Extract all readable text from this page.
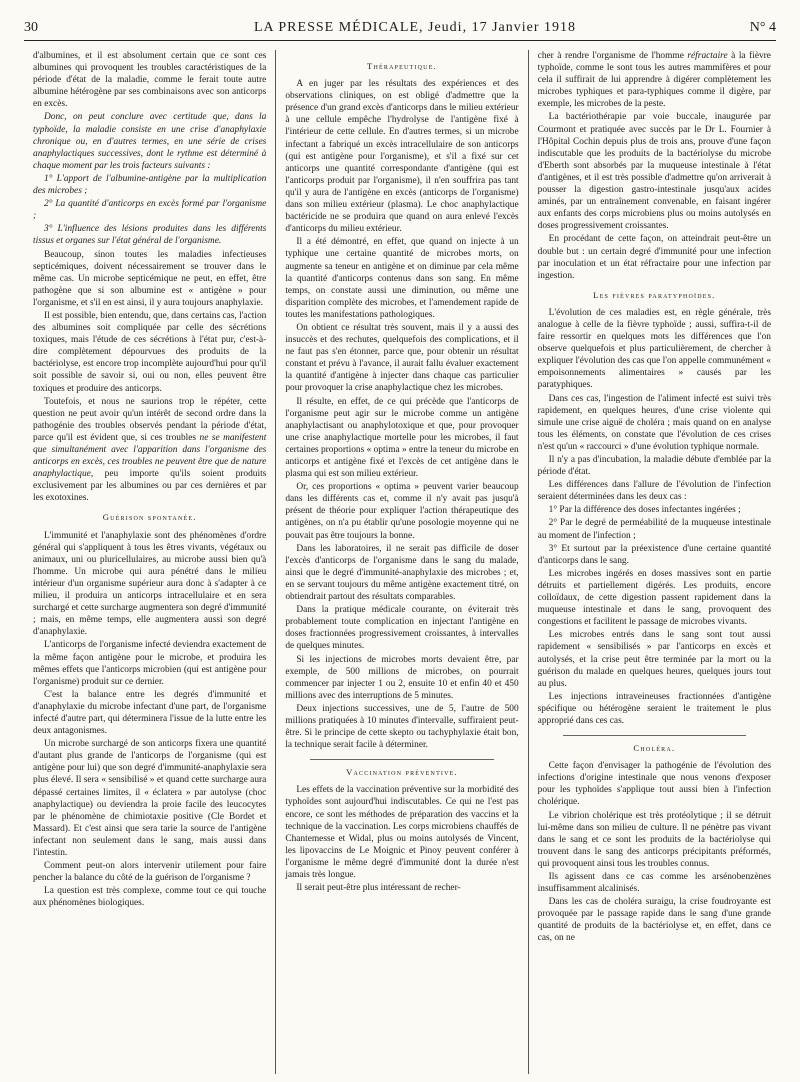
30	LA PRESSE MÉDICALE, Jeudi, 17 Janvier 1918	N° 4

d'albumines, et il est absolument certain que ce sont ces albumines qui provoquent les troubles caractéristiques de la période d'état de la maladie, comme le ferait toute autre albumine hétérogène par ses combinaisons avec son anticorps en excès.

Donc, on peut conclure avec certitude que, dans la typhoïde, la maladie consiste en une crise d'anaphylaxie chronique ou, en d'autres termes, en une série de crises anaphylactiques successives, dont le rythme est déterminé à chaque moment par les trois facteurs suivants :

1° L'apport de l'albumine-antigène par la multiplication des microbes ;

2° La quantité d'anticorps en excès formé par l'organisme ;

3° L'influence des lésions produites dans les différents tissus et organes sur l'état général de l'organisme.

Beaucoup, sinon toutes les maladies infectieuses septicémiques, doivent nécessairement se trouver dans le même cas. Un microbe septicémique ne peut, en effet, être pathogène que si son albumine est « antigène » pour l'organisme, et s'il en est ainsi, il y aura toujours anaphylaxie.

Il est possible, bien entendu, que, dans certains cas, l'action des albumines soit compliquée par celle des sécrétions toxiques, mais l'étude de ces sécrétions à l'état pur, c'est-à-dire complètement dépourvues des produits de la bactériolyse, est encore trop incomplète aujourd'hui pour qu'il soit possible de savoir si, oui ou non, elles peuvent être toxiques et produire des anticorps.

Toutefois, et nous ne saurions trop le répéter, cette question ne peut avoir qu'un intérêt de second ordre dans la pathogénie des troubles observés pendant la période d'état, parce qu'il est évident que, si ces troubles ne se manifestent que simultanément avec l'apparition dans l'organisme des anticorps en excès, ces troubles ne peuvent être que de nature anaphylactique, peu importe qu'ils soient produits exclusivement par les albumines ou par ces dernières et par les exotoxines.

Guérison spontanée.

L'immunité et l'anaphylaxie sont des phénomènes d'ordre général qui s'appliquent à tous les êtres vivants, végétaux ou animaux, uni ou pluricellulaires, au microbe aussi bien qu'à l'homme. Un microbe qui aura pénétré dans le milieu intérieur d'un organisme supérieur aura donc à s'adapter à ce milieu, il produira un anticorps intracellulaire et en sera surchargé et cette surcharge augmentera son degré d'immunité ; mais, en même temps, elle augmentera aussi son degré d'anaphylaxie.

L'anticorps de l'organisme infecté deviendra exactement de la même façon antigène pour le microbe, et produira les mêmes effets que l'anticorps microbien (qui est antigène pour l'organisme) produit sur ce dernier.

C'est la balance entre les degrés d'immunité et d'anaphylaxie du microbe infectant d'une part, de l'organisme infecté d'autre part, qui déterminera l'issue de la lutte entre les deux antagonismes.

Un microbe surchargé de son anticorps fixera une quantité d'autant plus grande de l'anticorps de l'organisme (qui est antigène pour lui) que son degré d'immunité-anaphylaxie sera plus élevé. Il sera « sensibilisé » et quand cette surcharge aura dépassé certaines limites, il « éclatera » par autolyse (choc anaphylactique) ou deviendra la proie facile des leucocytes par le phénomène de chimiotaxie positive (Cle Bordet et Massard). Et c'est ainsi que sera tarie la source de l'antigène infectant non seulement dans le sang, mais aussi dans l'intestin.

Comment peut-on alors intervenir utilement pour faire pencher la balance du côté de la guérison de l'organisme ?

La question est très complexe, comme tout ce qui touche aux phénomènes biologiques.

Thérapeutique.

A en juger par les résultats des expériences et des observations cliniques, on est obligé d'admettre que la présence d'un grand excès d'anticorps dans le milieu extérieur à une cellule empêche l'hydrolyse de l'antigène fixé à l'intérieur de cette cellule. En d'autres termes, si un microbe infectant a fabriqué un excès intracellulaire de son anticorps (qui est antigène pour l'organisme), et s'il a fixé sur cet anticorps une quantité correspondante d'antigène (qui est l'anticorps produit par l'organisme), il n'en souffrira pas tant qu'il y aura de l'antigène en excès (anticorps de l'organisme) dans son milieu extérieur (plasma). Le choc anaphylactique bactéricide ne se produira que quand on aura enlevé l'excès d'anticorps du milieu extérieur.

Il a été démontré, en effet, que quand on injecte à un typhique une certaine quantité de microbes morts, on augmente sa teneur en antigène et on diminue par cela même la quantité d'anticorps contenus dans son sang. En même temps, on constate aussi une diminution, ou même une disparition complète des microbes, et l'amendement rapide de toutes les manifestations pathologiques.

On obtient ce résultat très souvent, mais il y a aussi des insuccès et des rechutes, quelquefois des complications, et il ne faut pas s'en étonner, parce que, pour obtenir un résultat constant et prévu à l'avance, il aurait fallu évaluer exactement la quantité d'antigène à injecter dans chaque cas particulier pour provoquer la crise anaphylactique chez les microbes.

Il résulte, en effet, de ce qui précède que l'anticorps de l'organisme peut agir sur le microbe comme un antigène anaphylactisant ou anaphylotoxique et que, pour provoquer une crise anaphylactique mortelle pour les microbes, il faut certaines proportions « optima » entre la teneur du microbe en anticorps et antigène fixé et l'excès de cet antigène dans le plasma qui est son milieu extérieur.

Or, ces proportions « optima » peuvent varier beaucoup dans les différents cas et, comme il n'y avait pas jusqu'à présent de théorie pour expliquer l'action thérapeutique des antigènes, on n'a pu établir qu'une posologie moyenne qui ne pouvait pas être toujours la bonne.

Dans les laboratoires, il ne serait pas difficile de doser l'excès d'anticorps de l'organisme dans le sang du malade, ainsi que le degré d'immunité-anaphylaxie des microbes ; et, en se servant toujours du même antigène exactement titré, on obtiendrait partout des résultats comparables.

Dans la pratique médicale courante, on éviterait très probablement toute complication en injectant l'antigène en doses fractionnées progressivement croissantes, à intervalles de quelques minutes.

Si les injections de microbes morts devaient être, par exemple, de 500 millions de microbes, on pourrait commencer par injecter 1 ou 2, ensuite 10 et enfin 40 et 450 millions avec des interruptions de 5 minutes.

Deux injections successives, une de 5, l'autre de 500 millions pratiquées à 10 minutes d'intervalle, suffiraient peut-être. Si le principe de cette skepto ou tachyphylaxie était bon, la technique serait facile à déterminer.

Vaccination préventive.

Les effets de la vaccination préventive sur la morbidité des typhoïdes sont aujourd'hui indiscutables. Ce qui ne l'est pas encore, ce sont les méthodes de préparation des vaccins et la technique de la vaccination. Les corps microbiens chauffés de Chantemesse et Widal, plus ou moins autolysés de Vincent, les lipovaccins de Le Moignic et Pinoy peuvent conférer à l'organisme le même degré d'immunité dont la durée n'est jamais très longue.

Il serait peut-être plus intéressant de recher-

cher à rendre l'organisme de l'homme réfractaire à la fièvre typhoïde, comme le sont tous les autres mammifères et pour cela il suffirait de lui apprendre à digérer complètement les microbes typhiques et para-typhiques comme il digère, par exemple, les microbes de la peste.

La bactériothérapie par voie buccale, inaugurée par Courmont et pratiquée avec succès par le Dr L. Fournier à l'Hôpital Cochin depuis plus de trois ans, prouve d'une façon indiscutable que les produits de la bactériolyse du microbe d'Eberth sont absorbés par la muqueuse intestinale à l'état d'antigènes, et il est très possible d'admettre qu'on arriverait à pousser la digestion gastro-intestinale jusqu'aux acides aminés, par un entraînement convenable, en faisant ingérer aux enfants des corps microbiens plus ou moins autolysés en doses progressivement croissantes.

En procédant de cette façon, on atteindrait peut-être un double but : un certain degré d'immunité pour une infection par inoculation et un état réfractaire pour une infection par ingestion.

Les fièvres paratyphoïdes.

L'évolution de ces maladies est, en règle générale, très analogue à celle de la fièvre typhoïde ; aussi, suffira-t-il de faire ressortir en quelques mots les différences que l'on observe quelquefois et plus particulièrement, de chercher à expliquer l'évolution des cas que l'on appelle communément « empoisonnements alimentaires » causés par les paratyphiques.

Dans ces cas, l'ingestion de l'aliment infecté est suivi très rapidement, en quelques heures, d'une crise violente qui simule une crise aiguë de choléra ; mais quand on en analyse tous les éléments, on constate que l'évolution de ces crises n'est qu'un « raccourci » d'une évolution typhique normale.

Il n'y a pas d'incubation, la maladie débute d'emblée par la période d'état.

Les différences dans l'allure de l'évolution de l'infection seraient déterminées dans les deux cas :

1° Par la différence des doses infectantes ingérées ;

2° Par le degré de perméabilité de la muqueuse intestinale au moment de l'infection ;

3° Et surtout par la préexistence d'une certaine quantité d'anticorps dans le sang.

Les microbes ingérés en doses massives sont en partie détruits et partiellement digérés. Les produits, encore colloïdaux, de cette digestion passent rapidement dans la muqueuse intestinale et dans le sang, provoquent des congestions et facilitent le passage de microbes vivants.

Les microbes entrés dans le sang sont tout aussi rapidement « sensibilisés » par l'anticorps en excès et autolysés, et la crise peut être terminée par la mort ou la guérison du malade en quelques heures, quelques jours tout au plus.

Les injections intraveineuses fractionnées d'antigène spécifique ou hétérogène seraient le traitement le plus approprié dans ces cas.

Choléra.

Cette façon d'envisager la pathogénie de l'évolution des infections d'origine intestinale que nous venons d'exposer pour les typhoïdes s'applique tout aussi bien à l'infection cholérique.

Le vibrion cholérique est très protéolytique ; il se détruit lui-même dans son milieu de culture. Il ne pénètre pas vivant dans le sang et ce sont les produits de la bactériolyse qui trouvent dans le sang des anticorps précipitants préformés, qui provoquent ainsi tous les troubles connus.

Ils agissent dans ce cas comme les arsénobenzènes insuffisamment alcalinisés.

Dans les cas de choléra suraigu, la crise foudroyante est provoquée par le passage rapide dans le sang d'une grande quantité de produits de la bactériolyse et, en effet, dans ce cas, on ne
